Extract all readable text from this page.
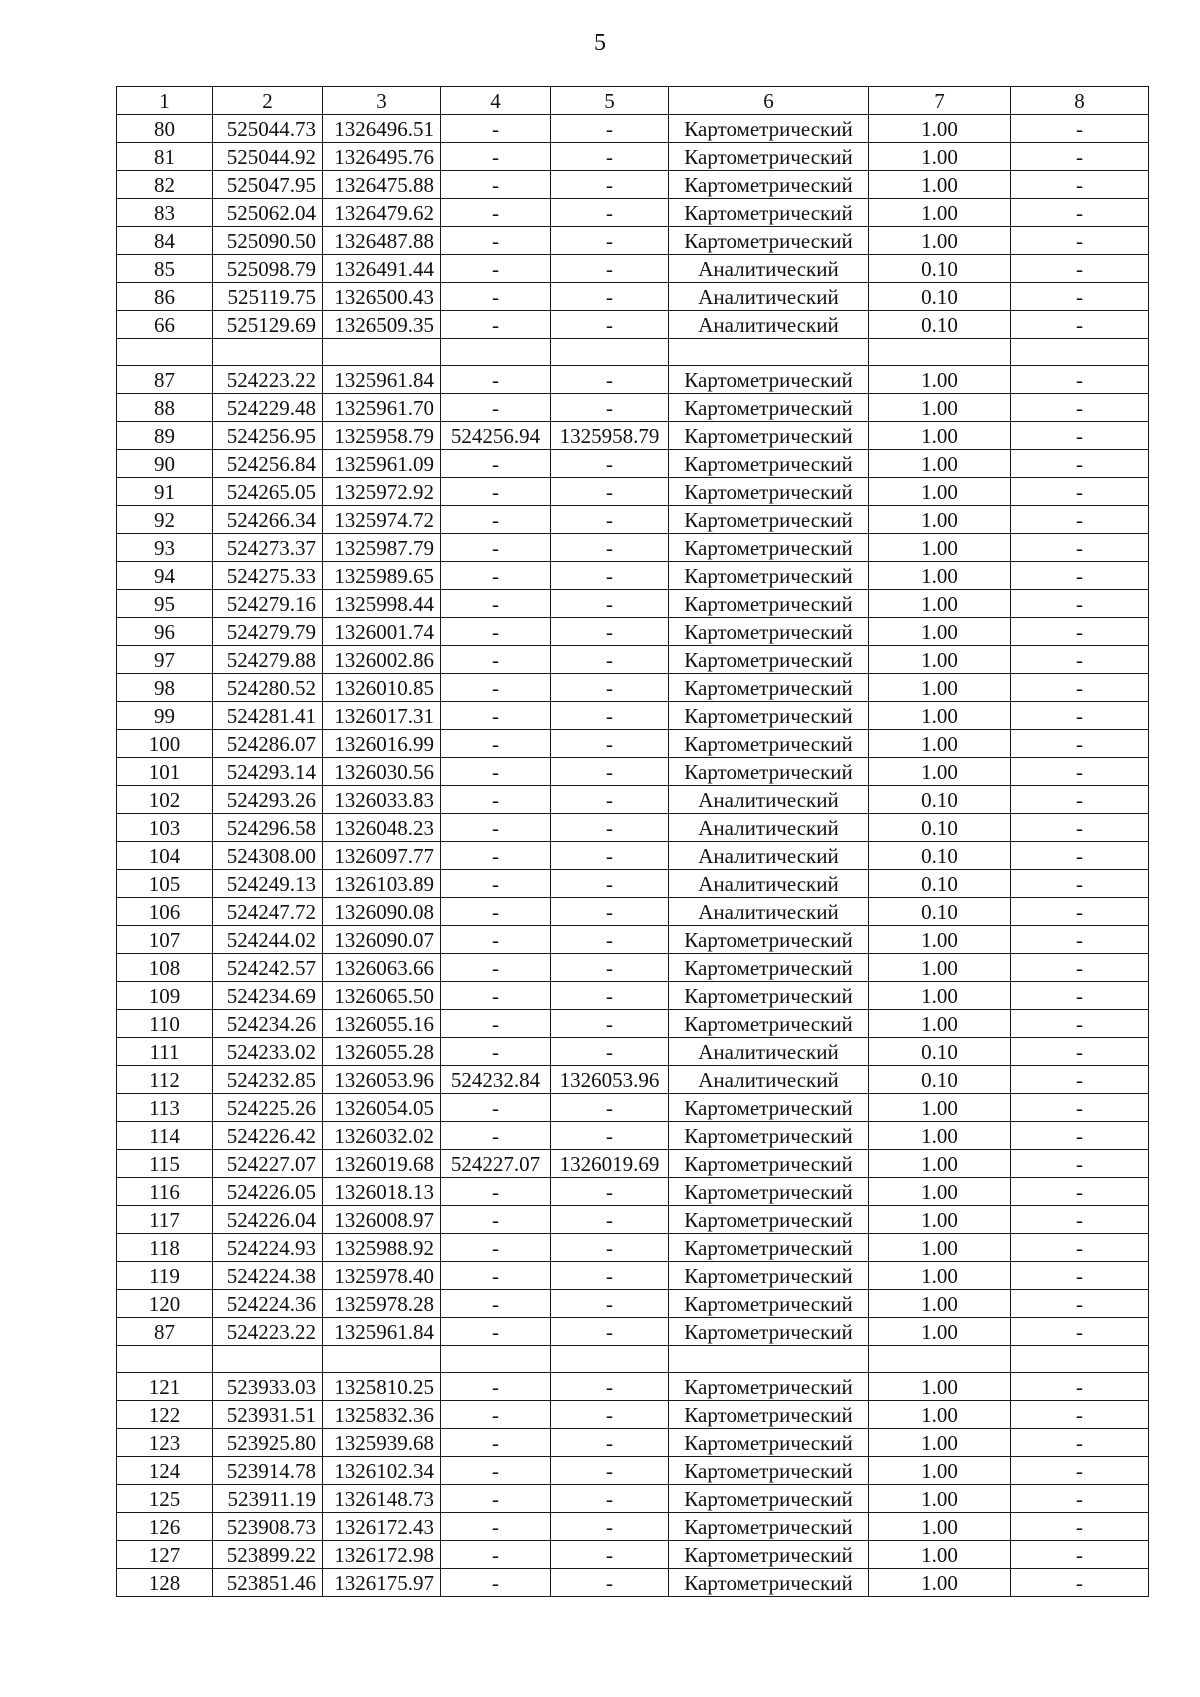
5
1	2	3	4	5	6	7	8
80	525044.73	1326496.51	-	-	Картометрический	1.00	-
81	525044.92	1326495.76	-	-	Картометрический	1.00	-
82	525047.95	1326475.88	-	-	Картометрический	1.00	-
83	525062.04	1326479.62	-	-	Картометрический	1.00	-
84	525090.50	1326487.88	-	-	Картометрический	1.00	-
85	525098.79	1326491.44	-	-	Аналитический	0.10	-
86	525119.75	1326500.43	-	-	Аналитический	0.10	-
66	525129.69	1326509.35	-	-	Аналитический	0.10	-

87	524223.22	1325961.84	-	-	Картометрический	1.00	-
88	524229.48	1325961.70	-	-	Картометрический	1.00	-
89	524256.95	1325958.79	524256.94	1325958.79	Картометрический	1.00	-
90	524256.84	1325961.09	-	-	Картометрический	1.00	-
91	524265.05	1325972.92	-	-	Картометрический	1.00	-
92	524266.34	1325974.72	-	-	Картометрический	1.00	-
93	524273.37	1325987.79	-	-	Картометрический	1.00	-
94	524275.33	1325989.65	-	-	Картометрический	1.00	-
95	524279.16	1325998.44	-	-	Картометрический	1.00	-
96	524279.79	1326001.74	-	-	Картометрический	1.00	-
97	524279.88	1326002.86	-	-	Картометрический	1.00	-
98	524280.52	1326010.85	-	-	Картометрический	1.00	-
99	524281.41	1326017.31	-	-	Картометрический	1.00	-
100	524286.07	1326016.99	-	-	Картометрический	1.00	-
101	524293.14	1326030.56	-	-	Картометрический	1.00	-
102	524293.26	1326033.83	-	-	Аналитический	0.10	-
103	524296.58	1326048.23	-	-	Аналитический	0.10	-
104	524308.00	1326097.77	-	-	Аналитический	0.10	-
105	524249.13	1326103.89	-	-	Аналитический	0.10	-
106	524247.72	1326090.08	-	-	Аналитический	0.10	-
107	524244.02	1326090.07	-	-	Картометрический	1.00	-
108	524242.57	1326063.66	-	-	Картометрический	1.00	-
109	524234.69	1326065.50	-	-	Картометрический	1.00	-
110	524234.26	1326055.16	-	-	Картометрический	1.00	-
111	524233.02	1326055.28	-	-	Аналитический	0.10	-
112	524232.85	1326053.96	524232.84	1326053.96	Аналитический	0.10	-
113	524225.26	1326054.05	-	-	Картометрический	1.00	-
114	524226.42	1326032.02	-	-	Картометрический	1.00	-
115	524227.07	1326019.68	524227.07	1326019.69	Картометрический	1.00	-
116	524226.05	1326018.13	-	-	Картометрический	1.00	-
117	524226.04	1326008.97	-	-	Картометрический	1.00	-
118	524224.93	1325988.92	-	-	Картометрический	1.00	-
119	524224.38	1325978.40	-	-	Картометрический	1.00	-
120	524224.36	1325978.28	-	-	Картометрический	1.00	-
87	524223.22	1325961.84	-	-	Картометрический	1.00	-

121	523933.03	1325810.25	-	-	Картометрический	1.00	-
122	523931.51	1325832.36	-	-	Картометрический	1.00	-
123	523925.80	1325939.68	-	-	Картометрический	1.00	-
124	523914.78	1326102.34	-	-	Картометрический	1.00	-
125	523911.19	1326148.73	-	-	Картометрический	1.00	-
126	523908.73	1326172.43	-	-	Картометрический	1.00	-
127	523899.22	1326172.98	-	-	Картометрический	1.00	-
128	523851.46	1326175.97	-	-	Картометрический	1.00	-
